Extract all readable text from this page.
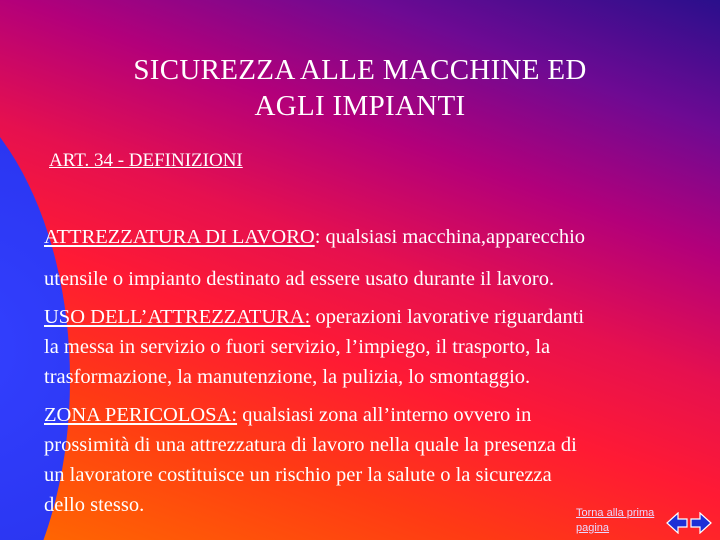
SICUREZZA ALLE MACCHINE ED
AGLI IMPIANTI
ART. 34 - DEFINIZIONI
ATTREZZATURA DI LAVORO: qualsiasi macchina,apparecchio
utensile o impianto destinato ad essere usato durante il lavoro.
USO DELL’ATTREZZATURA: operazioni lavorative riguardanti
la messa in servizio o fuori servizio, l’impiego, il trasporto, la
trasformazione, la manutenzione, la pulizia, lo smontaggio.
ZONA PERICOLOSA: qualsiasi zona all’interno ovvero in
prossimità di una attrezzatura di lavoro nella quale la presenza di
un lavoratore costituisce un rischio per la salute o la sicurezza
dello stesso.	Torna alla prima
pagina
